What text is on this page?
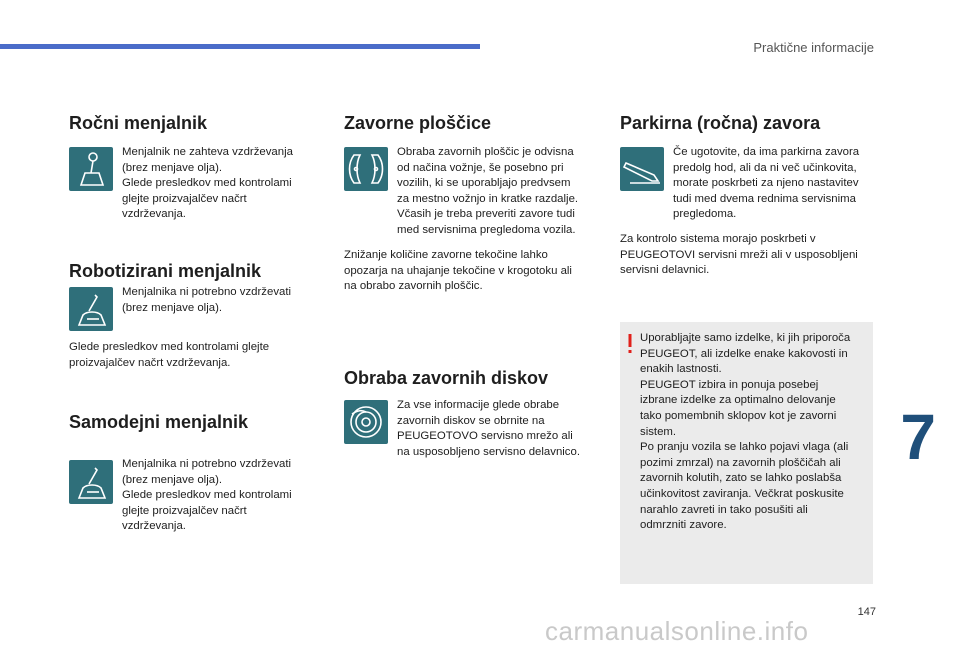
Praktične informacije
Ročni menjalnik
Menjalnik ne zahteva vzdrževanja
(brez menjave olja).
Glede presledkov med kontrolami
glejte proizvajalčev načrt
vzdrževanja.
Robotizirani menjalnik
Menjalnika ni potrebno vzdrževati
(brez menjave olja).
Glede presledkov med kontrolami glejte
proizvajalčev načrt vzdrževanja.
Samodejni menjalnik
Menjalnika ni potrebno vzdrževati
(brez menjave olja).
Glede presledkov med kontrolami
glejte proizvajalčev načrt
vzdrževanja.
Zavorne ploščice
Obraba zavornih ploščic je odvisna
od načina vožnje, še posebno pri
vozilih, ki se uporabljajo predvsem
za mestno vožnjo in kratke razdalje.
Včasih je treba preveriti zavore tudi
med servisnima pregledoma vozila.
Znižanje količine zavorne tekočine lahko
opozarja na uhajanje tekočine v krogotoku ali
na obrabo zavornih ploščic.
Obraba zavornih diskov
Za vse informacije glede obrabe
zavornih diskov se obrnite na
PEUGEOTOVO servisno mrežo ali
na usposobljeno servisno delavnico.
Parkirna (ročna) zavora
Če ugotovite, da ima parkirna zavora
predolg hod, ali da ni več učinkovita,
morate poskrbeti za njeno nastavitev
tudi med dvema rednima servisnima
pregledoma.
Za kontrolo sistema morajo poskrbeti v
PEUGEOTOVI servisni mreži ali v usposobljeni
servisni delavnici.
Uporabljajte samo izdelke, ki jih priporoča
PEUGEOT, ali izdelke enake kakovosti in
enakih lastnosti.
PEUGEOT izbira in ponuja posebej
izbrane izdelke za optimalno delovanje
tako pomembnih sklopov kot je zavorni
sistem.
Po pranju vozila se lahko pojavi vlaga (ali
pozimi zmrzal) na zavornih ploščičah ali
zavornih kolutih, zato se lahko poslabša
učinkovitost zaviranja. Večkrat poskusite
narahlo zavreti in tako posušiti ali
odmrzniti zavore.
7
147
carmanualsonline.info
